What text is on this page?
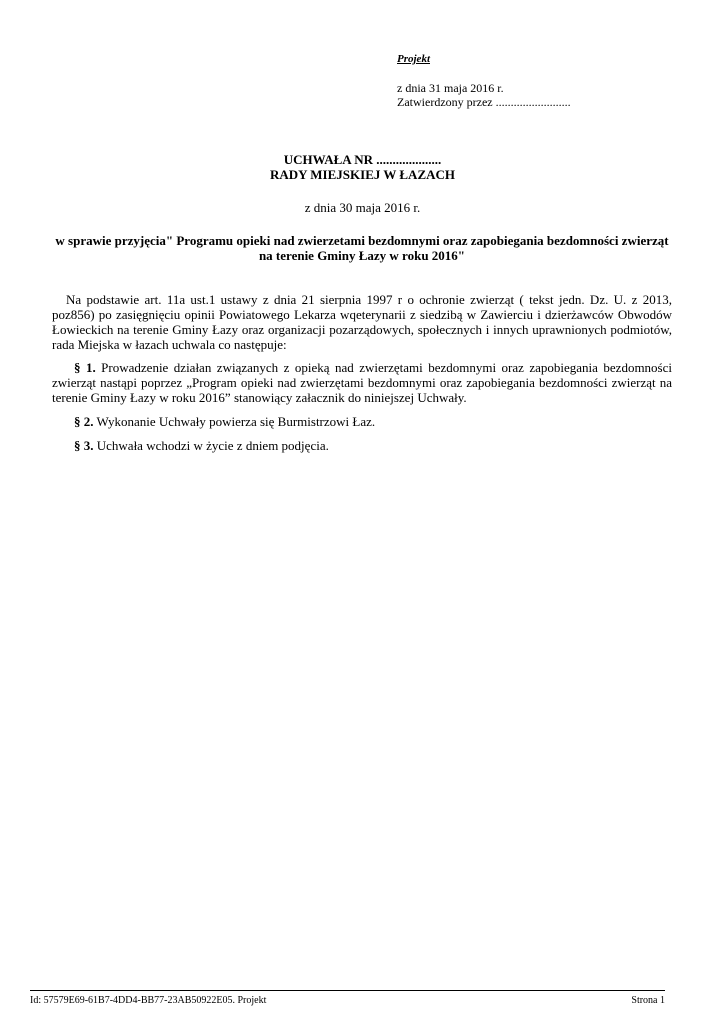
Projekt
z dnia 31 maja 2016 r.
Zatwierdzony przez .........................
UCHWAŁA NR ....................
RADY MIEJSKIEJ W ŁAZACH
z dnia 30 maja 2016 r.
w sprawie przyjęcia" Programu opieki nad zwierzetami bezdomnymi oraz zapobiegania bezdomności zwierząt na terenie Gminy Łazy w roku 2016"
Na podstawie art. 11a ust.1 ustawy z dnia 21 sierpnia 1997 r o ochronie zwierząt ( tekst jedn. Dz. U. z 2013, poz856) po zasięgnięciu opinii Powiatowego Lekarza wqeterynarii z siedzibą w Zawierciu i dzierżawców Obwodów Łowieckich na terenie Gminy Łazy oraz organizacji pozarządowych, społecznych i innych uprawnionych podmiotów, rada Miejska w łazach uchwala co następuje:
§ 1. Prowadzenie działan związanych z opieką nad zwierzętami bezdomnymi oraz zapobiegania bezdomności zwierząt nastąpi poprzez „Program opieki nad zwierzętami bezdomnymi oraz zapobiegania bezdomności zwierząt na terenie Gminy Łazy w roku 2016” stanowiący załacznik do niniejszej Uchwały.
§ 2. Wykonanie Uchwały powierza się Burmistrzowi Łaz.
§ 3. Uchwała wchodzi w życie z dniem podjęcia.
Id: 57579E69-61B7-4DD4-BB77-23AB50922E05. Projekt	Strona 1
